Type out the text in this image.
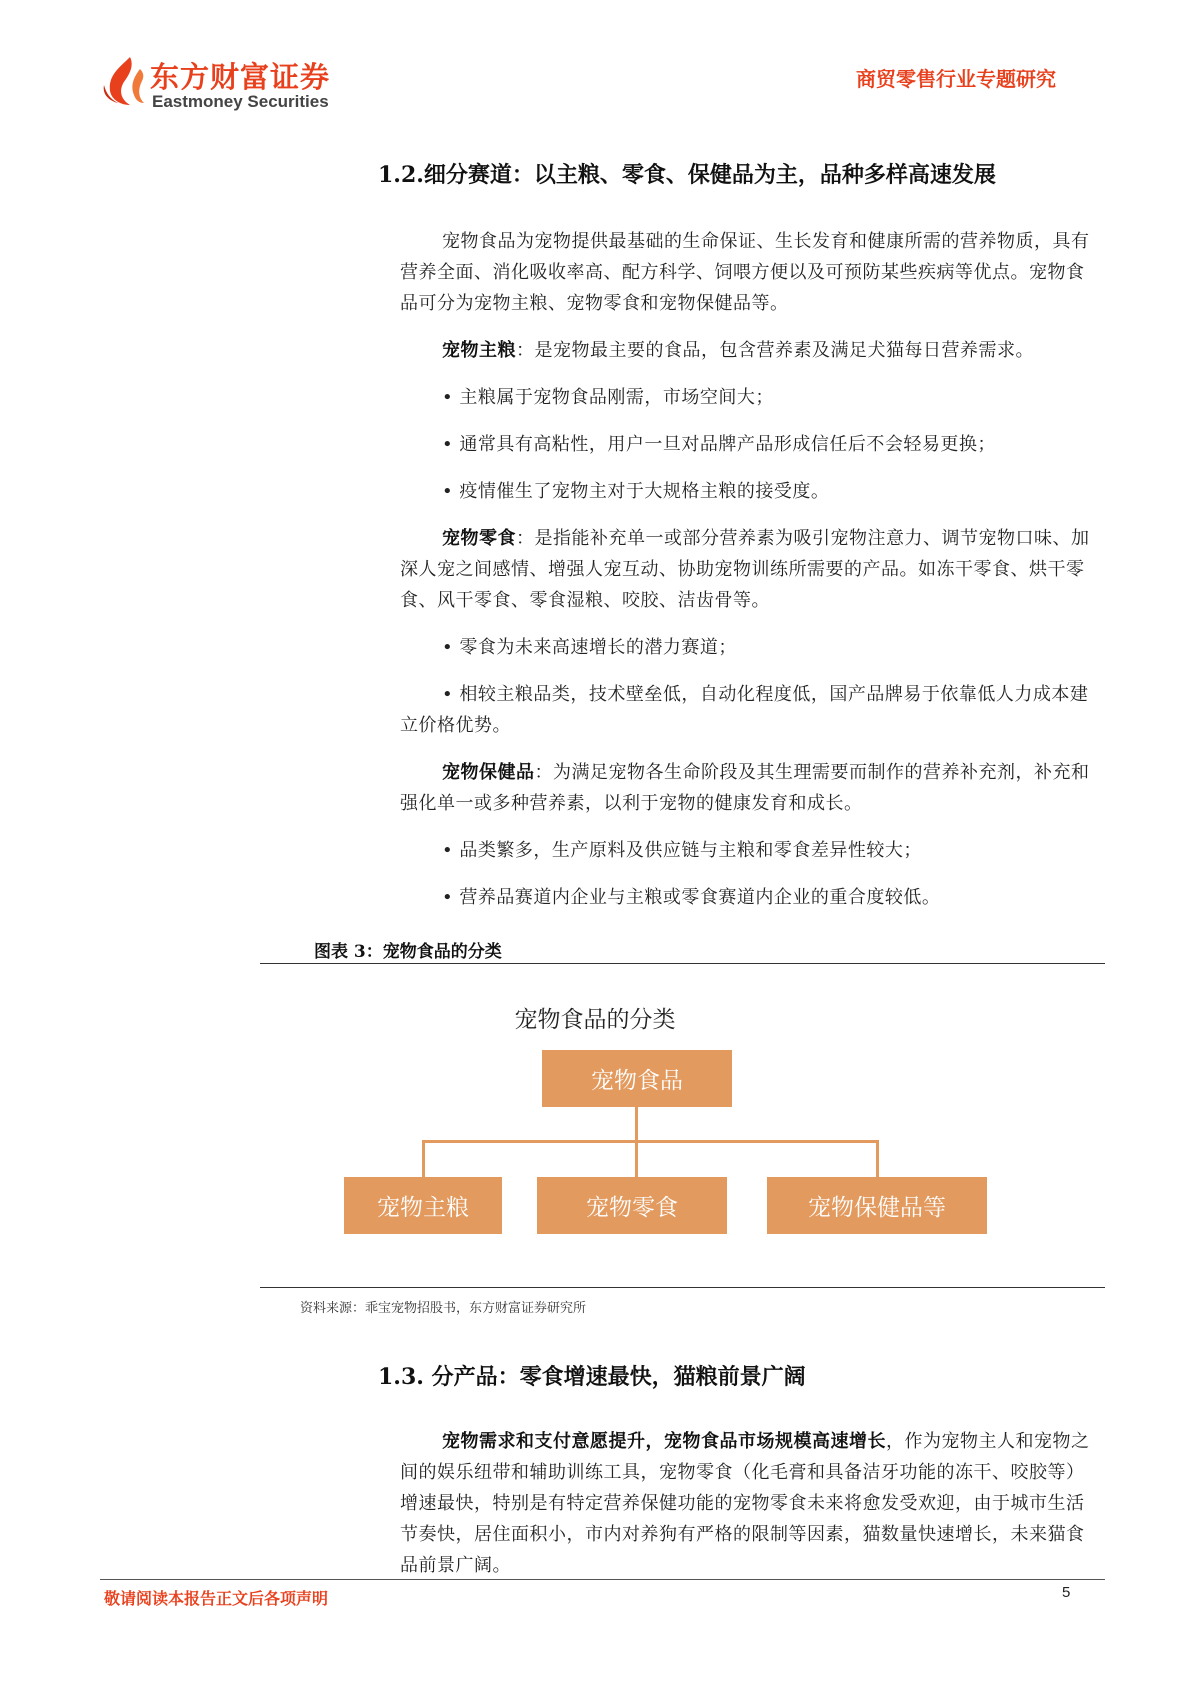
东方财富证券
Eastmoney Securities
商贸零售行业专题研究
1.2.细分赛道：以主粮、零食、保健品为主，品种多样高速发展

宠物食品为宠物提供最基础的生命保证、生长发育和健康所需的营养物质，具有营养全面、消化吸收率高、配方科学、饲喂方便以及可预防某些疾病等优点。宠物食品可分为宠物主粮、宠物零食和宠物保健品等。

宠物主粮：是宠物最主要的食品，包含营养素及满足犬猫每日营养需求。

• 主粮属于宠物食品刚需，市场空间大；

• 通常具有高粘性，用户一旦对品牌产品形成信任后不会轻易更换；

• 疫情催生了宠物主对于大规格主粮的接受度。

宠物零食：是指能补充单一或部分营养素为吸引宠物注意力、调节宠物口味、加深人宠之间感情、增强人宠互动、协助宠物训练所需要的产品。如冻干零食、烘干零食、风干零食、零食湿粮、咬胶、洁齿骨等。

• 零食为未来高速增长的潜力赛道；

• 相较主粮品类，技术壁垒低，自动化程度低，国产品牌易于依靠低人力成本建立价格优势。

宠物保健品：为满足宠物各生命阶段及其生理需要而制作的营养补充剂，补充和强化单一或多种营养素，以利于宠物的健康发育和成长。

• 品类繁多，生产原料及供应链与主粮和零食差异性较大；

• 营养品赛道内企业与主粮或零食赛道内企业的重合度较低。

图表 3：宠物食品的分类
宠物食品的分类
宠物食品
宠物主粮	宠物零食	宠物保健品等
资料来源：乖宝宠物招股书，东方财富证券研究所
1.3. 分产品：零食增速最快，猫粮前景广阔

宠物需求和支付意愿提升，宠物食品市场规模高速增长，作为宠物主人和宠物之间的娱乐纽带和辅助训练工具，宠物零食（化毛膏和具备洁牙功能的冻干、咬胶等）增速最快，特别是有特定营养保健功能的宠物零食未来将愈发受欢迎，由于城市生活节奏快，居住面积小，市内对养狗有严格的限制等因素，猫数量快速增长，未来猫食品前景广阔。

敬请阅读本报告正文后各项声明	5
